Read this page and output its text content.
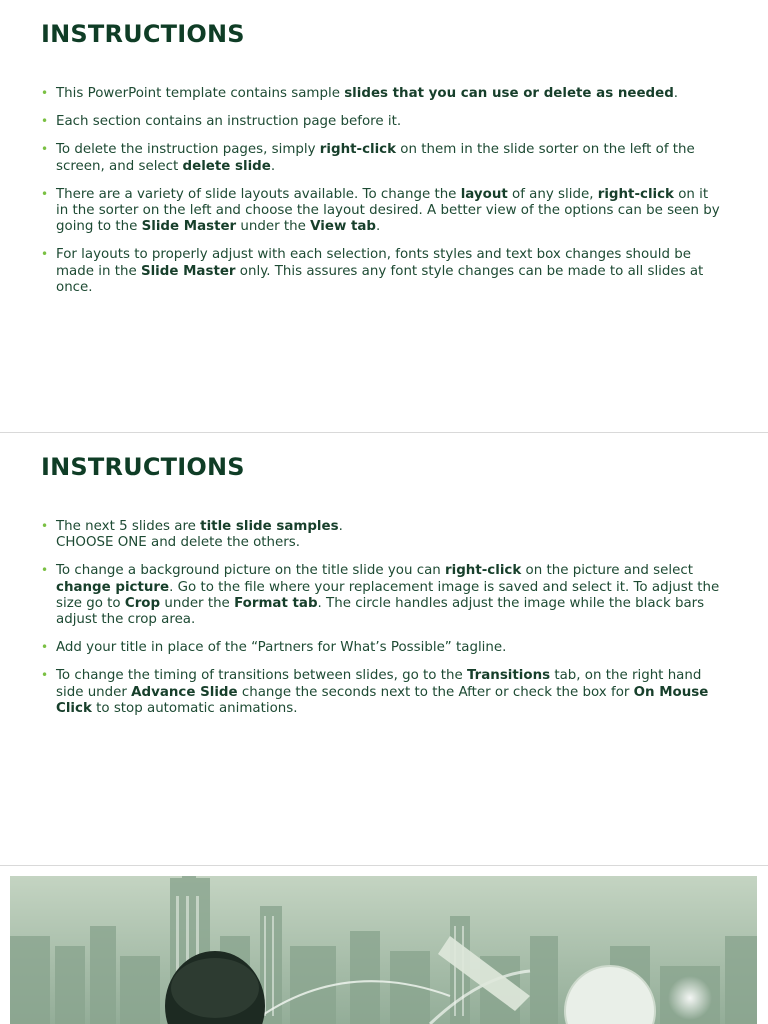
INSTRUCTIONS
• This PowerPoint template contains sample slides that you can use or delete as needed.
• Each section contains an instruction page before it.
• To delete the instruction pages, simply right-click on them in the slide sorter on the left of the screen, and select delete slide.
• There are a variety of slide layouts available. To change the layout of any slide, right-click on it in the sorter on the left and choose the layout desired. A better view of the options can be seen by going to the Slide Master under the View tab.
• For layouts to properly adjust with each selection, fonts styles and text box changes should be made in the Slide Master only. This assures any font style changes can be made to all slides at once.
INSTRUCTIONS
• The next 5 slides are title slide samples.
CHOOSE ONE and delete the others.
• To change a background picture on the title slide you can right-click on the picture and select change picture. Go to the file where your replacement image is saved and select it. To adjust the size go to Crop under the Format tab. The circle handles adjust the image while the black bars adjust the crop area.
• Add your title in place of the “Partners for What’s Possible” tagline.
• To change the timing of transitions between slides, go to the Transitions tab, on the right hand side under Advance Slide change the seconds next to the After or check the box for On Mouse Click to stop automatic animations.
